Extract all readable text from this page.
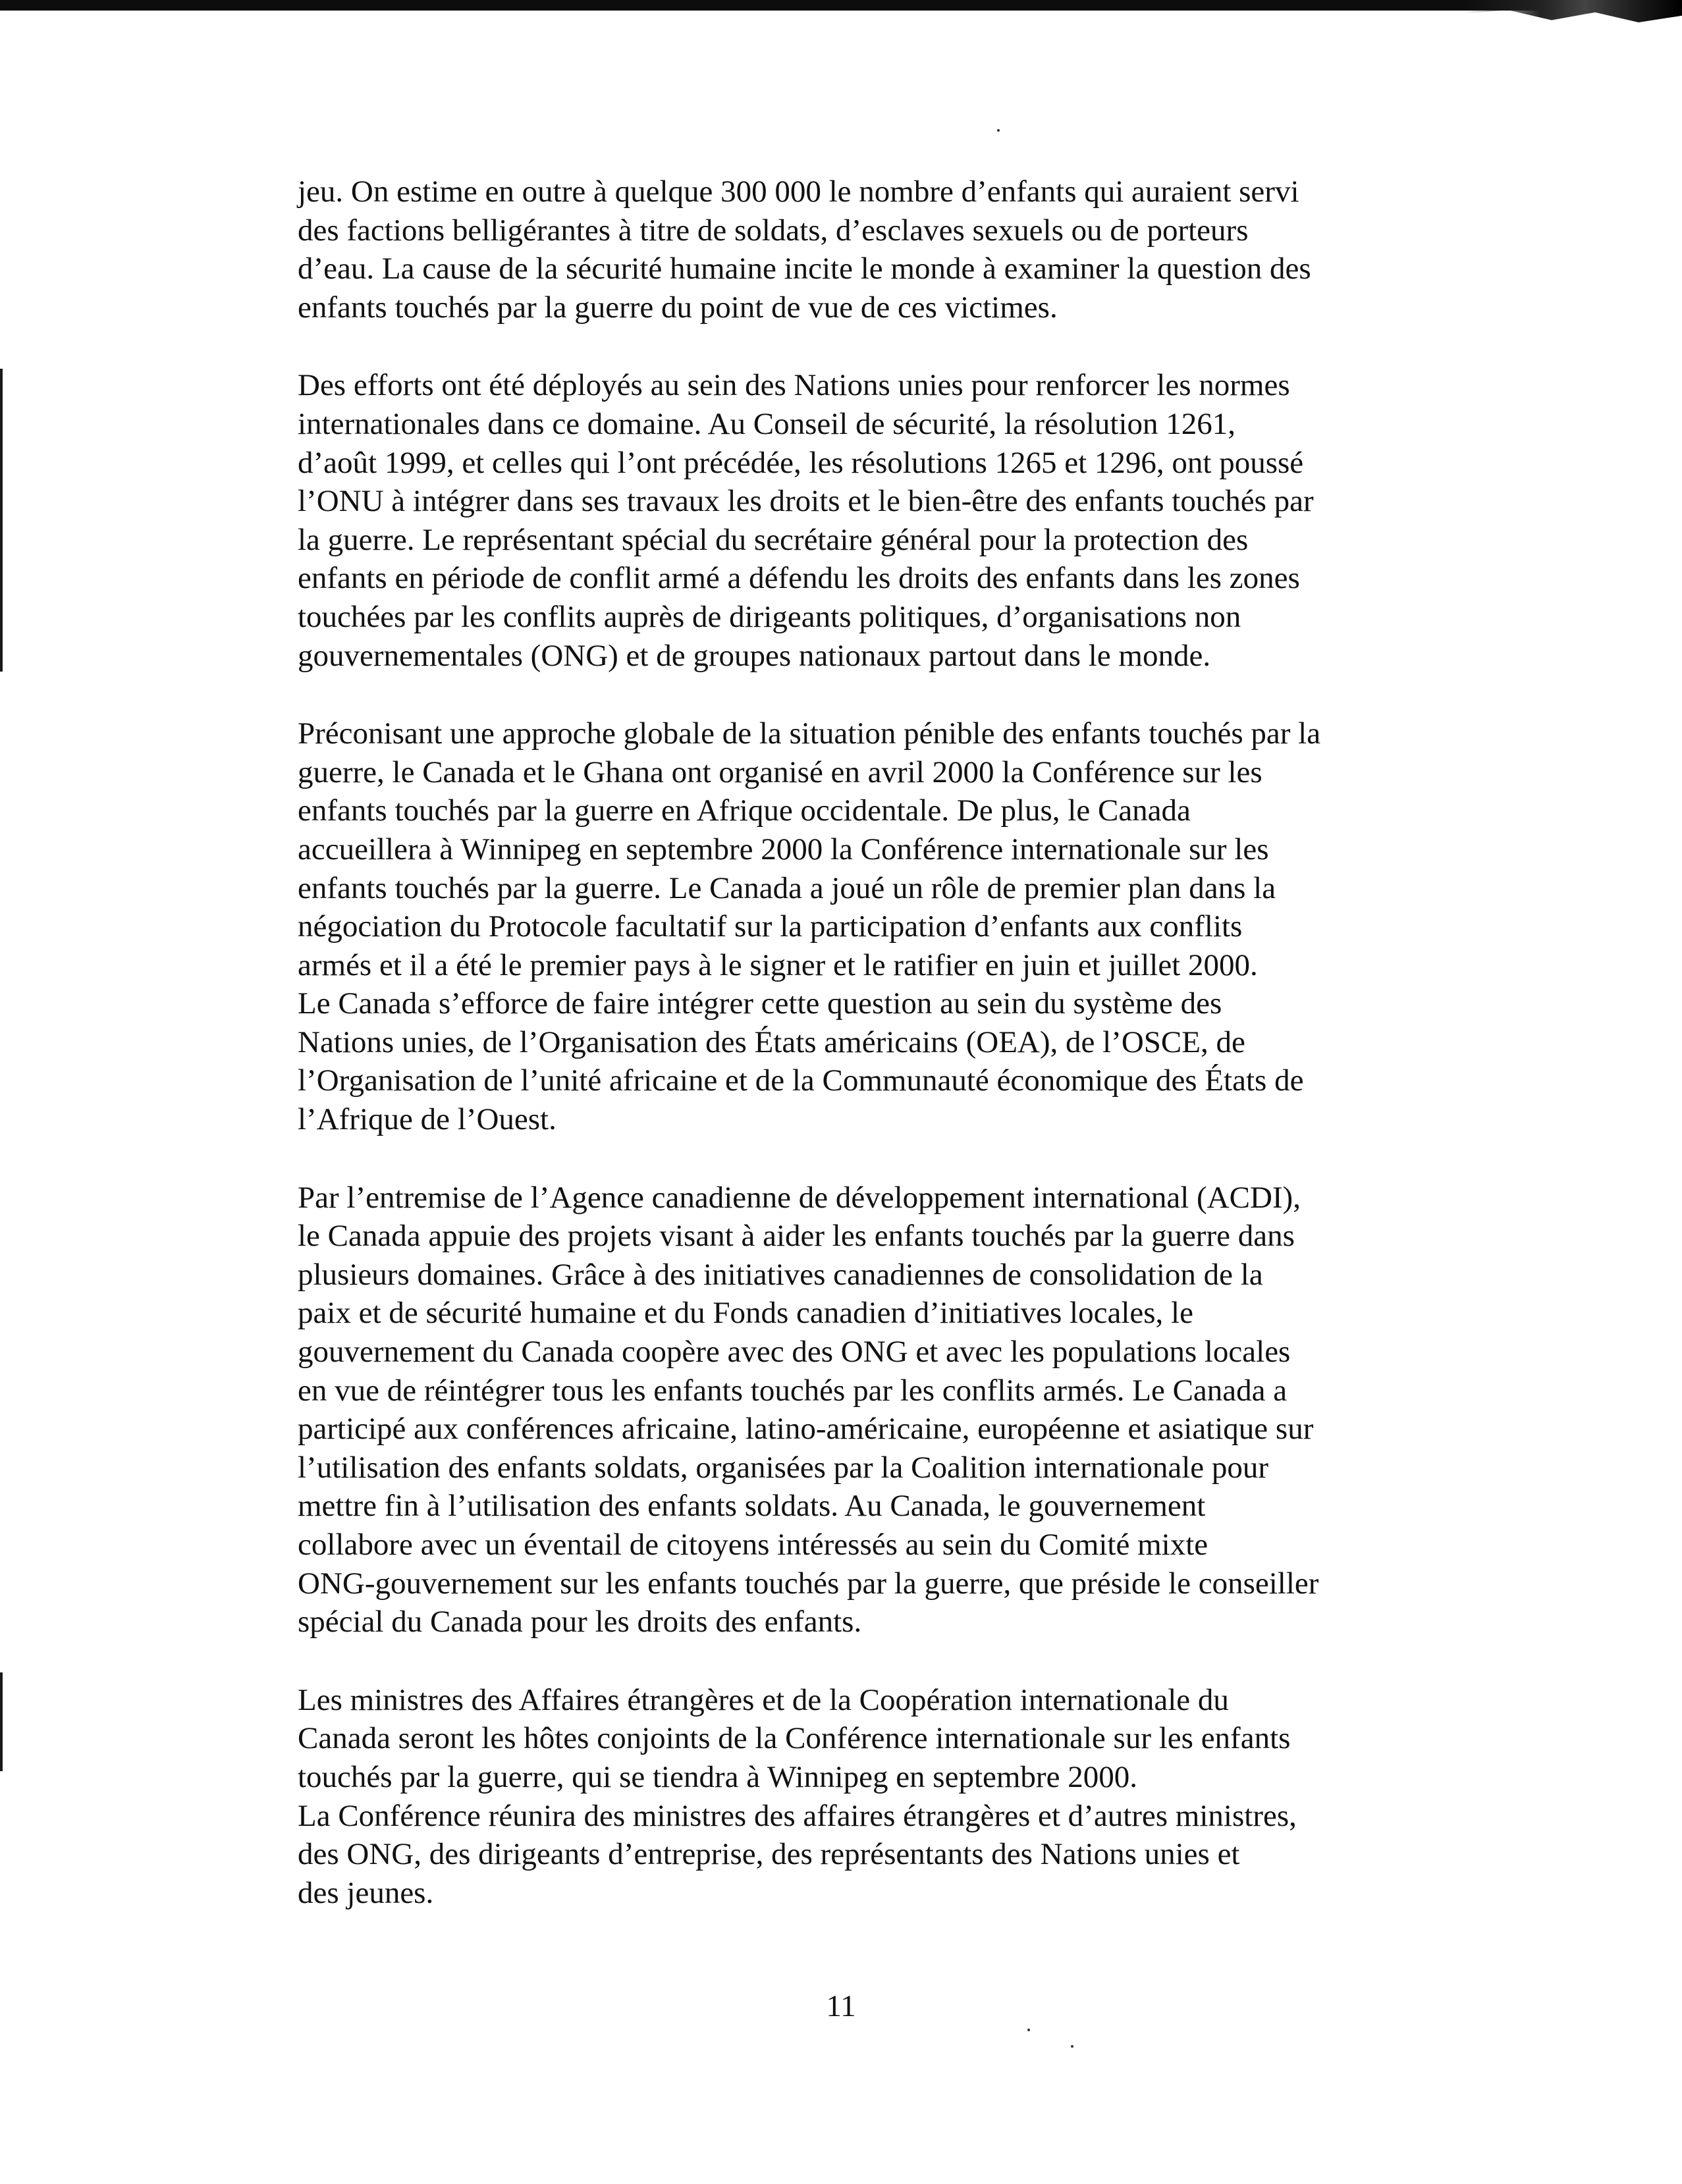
jeu. On estime en outre à quelque 300 000 le nombre d’enfants qui auraient servi
des factions belligérantes à titre de soldats, d’esclaves sexuels ou de porteurs
d’eau. La cause de la sécurité humaine incite le monde à examiner la question des
enfants touchés par la guerre du point de vue de ces victimes.

Des efforts ont été déployés au sein des Nations unies pour renforcer les normes
internationales dans ce domaine. Au Conseil de sécurité, la résolution 1261,
d’août 1999, et celles qui l’ont précédée, les résolutions 1265 et 1296, ont poussé
l’ONU à intégrer dans ses travaux les droits et le bien-être des enfants touchés par
la guerre. Le représentant spécial du secrétaire général pour la protection des
enfants en période de conflit armé a défendu les droits des enfants dans les zones
touchées par les conflits auprès de dirigeants politiques, d’organisations non
gouvernementales (ONG) et de groupes nationaux partout dans le monde.

Préconisant une approche globale de la situation pénible des enfants touchés par la
guerre, le Canada et le Ghana ont organisé en avril 2000 la Conférence sur les
enfants touchés par la guerre en Afrique occidentale. De plus, le Canada
accueillera à Winnipeg en septembre 2000 la Conférence internationale sur les
enfants touchés par la guerre. Le Canada a joué un rôle de premier plan dans la
négociation du Protocole facultatif sur la participation d’enfants aux conflits
armés et il a été le premier pays à le signer et le ratifier en juin et juillet 2000.
Le Canada s’efforce de faire intégrer cette question au sein du système des
Nations unies, de l’Organisation des États américains (OEA), de l’OSCE, de
l’Organisation de l’unité africaine et de la Communauté économique des États de
l’Afrique de l’Ouest.

Par l’entremise de l’Agence canadienne de développement international (ACDI),
le Canada appuie des projets visant à aider les enfants touchés par la guerre dans
plusieurs domaines. Grâce à des initiatives canadiennes de consolidation de la
paix et de sécurité humaine et du Fonds canadien d’initiatives locales, le
gouvernement du Canada coopère avec des ONG et avec les populations locales
en vue de réintégrer tous les enfants touchés par les conflits armés. Le Canada a
participé aux conférences africaine, latino-américaine, européenne et asiatique sur
l’utilisation des enfants soldats, organisées par la Coalition internationale pour
mettre fin à l’utilisation des enfants soldats. Au Canada, le gouvernement
collabore avec un éventail de citoyens intéressés au sein du Comité mixte
ONG-gouvernement sur les enfants touchés par la guerre, que préside le conseiller
spécial du Canada pour les droits des enfants.

Les ministres des Affaires étrangères et de la Coopération internationale du
Canada seront les hôtes conjoints de la Conférence internationale sur les enfants
touchés par la guerre, qui se tiendra à Winnipeg en septembre 2000.
La Conférence réunira des ministres des affaires étrangères et d’autres ministres,
des ONG, des dirigeants d’entreprise, des représentants des Nations unies et
des jeunes.

11
